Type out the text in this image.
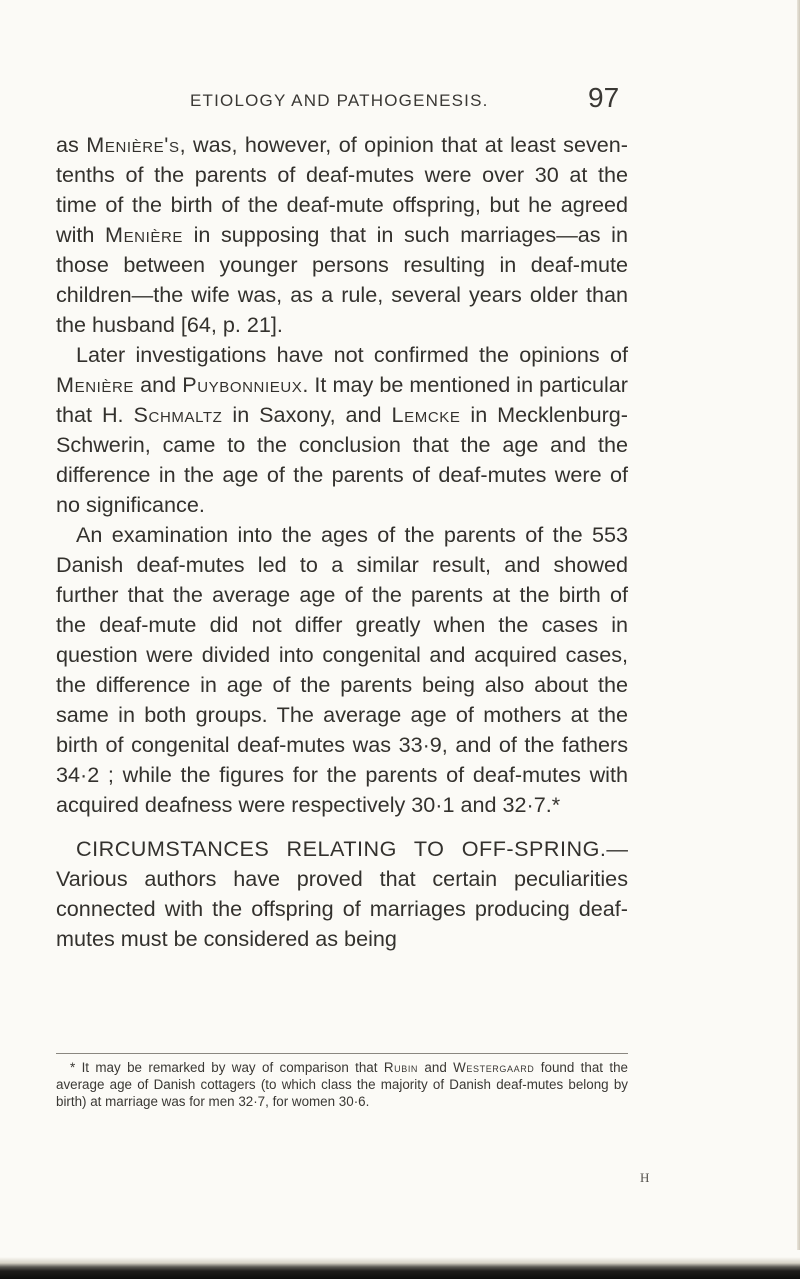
ETIOLOGY AND PATHOGENESIS.	97

as Menière's, was, however, of opinion that at least seven-tenths of the parents of deaf-mutes were over 30 at the time of the birth of the deaf-mute offspring, but he agreed with Menière in supposing that in such marriages—as in those between younger persons resulting in deaf-mute children—the wife was, as a rule, several years older than the husband [64, p. 21].

Later investigations have not confirmed the opinions of Menière and Puybonnieux. It may be mentioned in particular that H. Schmaltz in Saxony, and Lemcke in Mecklenburg-Schwerin, came to the conclusion that the age and the difference in the age of the parents of deaf-mutes were of no significance.

An examination into the ages of the parents of the 553 Danish deaf-mutes led to a similar result, and showed further that the average age of the parents at the birth of the deaf-mute did not differ greatly when the cases in question were divided into congenital and acquired cases, the difference in age of the parents being also about the same in both groups. The average age of mothers at the birth of congenital deaf-mutes was 33·9, and of the fathers 34·2 ; while the figures for the parents of deaf-mutes with acquired deafness were respectively 30·1 and 32·7.*

CIRCUMSTANCES RELATING TO OFF-SPRING.—Various authors have proved that certain peculiarities connected with the offspring of marriages producing deaf-mutes must be considered as being

* It may be remarked by way of comparison that Rubin and Westergaard found that the average age of Danish cottagers (to which class the majority of Danish deaf-mutes belong by birth) at marriage was for men 32·7, for women 30·6.

H
